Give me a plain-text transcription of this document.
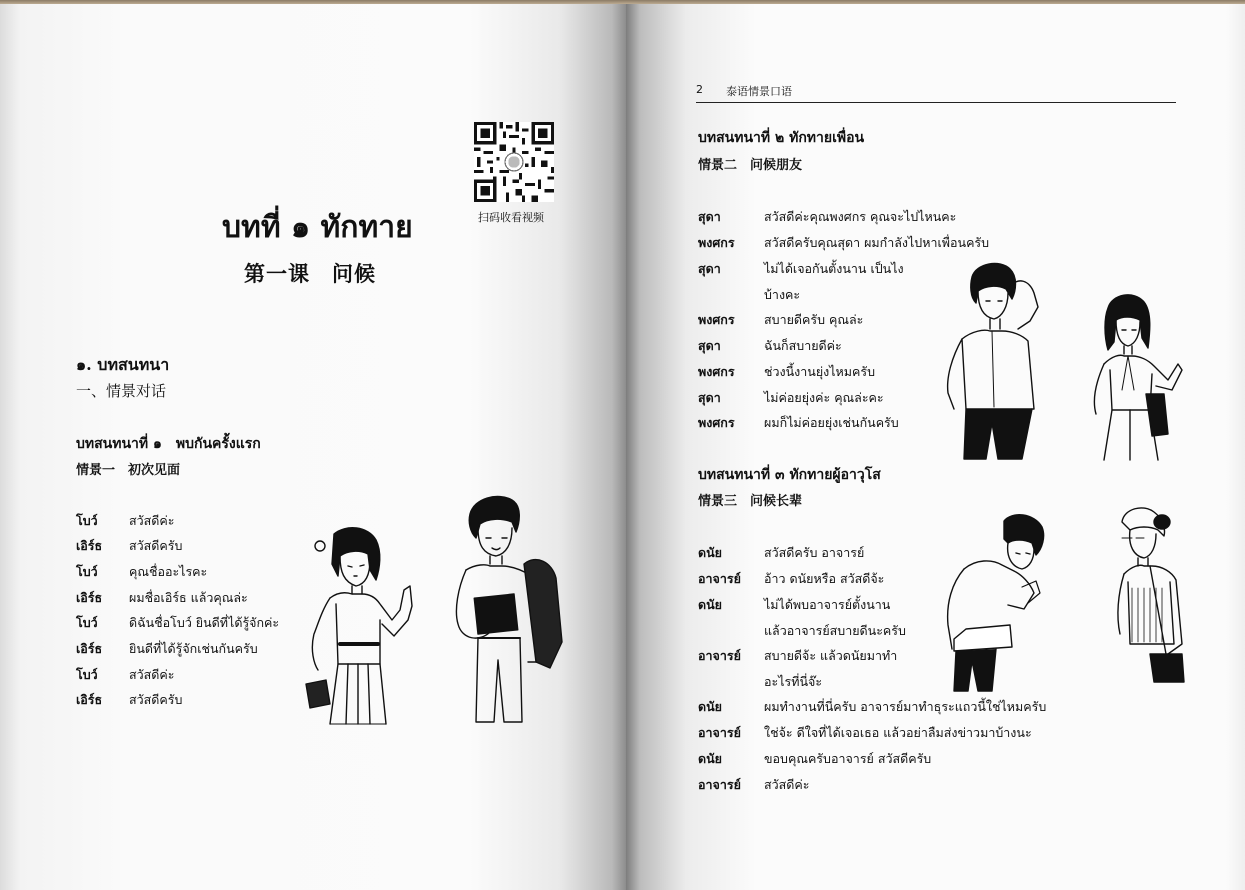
扫码收看视频
บทที่ ๑ ทักทาย
第一课　问候
๑. บทสนทนา
一、情景对话
บทสนทนาที่ ๑　พบกันครั้งแรก
情景一　初次见面
โบว์	สวัสดีค่ะ
เอิร์ธ สวัสดีครับ
โบว์	คุณชื่ออะไรคะ
เอิร์ธ ผมชื่อเอิร์ธ แล้วคุณล่ะ
โบว์	ดิฉันชื่อโบว์ ยินดีที่ได้รู้จักค่ะ
เอิร์ธ ยินดีที่ได้รู้จักเช่นกันครับ
โบว์	สวัสดีค่ะ
เอิร์ธ สวัสดีครับ
2 泰语情景口语
บทสนทนาที่ ๒ ทักทายเพื่อน
情景二　问候朋友
สุดา	สวัสดีค่ะคุณพงศกร คุณจะไปไหนคะ
พงศกร สวัสดีครับคุณสุดา ผมกำลังไปหาเพื่อนครับ
สุดา	ไม่ได้เจอกันตั้งนาน เป็นไง
บ้างคะ
พงศกร สบายดีครับ คุณล่ะ
สุดา	ฉันก็สบายดีค่ะ
พงศกร ช่วงนี้งานยุ่งไหมครับ
สุดา	ไม่ค่อยยุ่งค่ะ คุณล่ะคะ
พงศกร ผมก็ไม่ค่อยยุ่งเช่นกันครับ
บทสนทนาที่ ๓ ทักทายผู้อาวุโส
情景三　问候长辈
ดนัย	สวัสดีครับ อาจารย์
อาจารย์ อ้าว ดนัยหรือ สวัสดีจ้ะ
ดนัย	ไม่ได้พบอาจารย์ตั้งนาน
แล้วอาจารย์สบายดีนะครับ
อาจารย์ สบายดีจ้ะ แล้วดนัยมาทำ
อะไรที่นี่จ๊ะ
ดนัย	ผมทำงานที่นี่ครับ อาจารย์มาทำธุระแถวนี้ใช่ไหมครับ
อาจารย์ ใช่จ้ะ ดีใจที่ได้เจอเธอ แล้วอย่าลืมส่งข่าวมาบ้างนะ
ดนัย	ขอบคุณครับอาจารย์ สวัสดีครับ
อาจารย์ สวัสดีค่ะ
